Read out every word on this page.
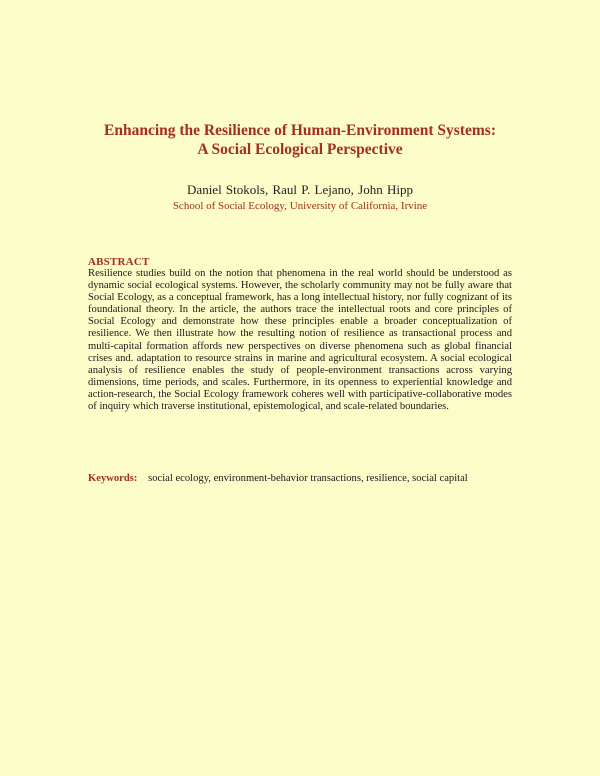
Enhancing the Resilience of Human-Environment Systems:
A Social Ecological Perspective
Daniel Stokols, Raul P. Lejano, John Hipp
School of Social Ecology, University of California, Irvine
ABSTRACT
Resilience studies build on the notion that phenomena in the real world should be understood as dynamic social ecological systems. However, the scholarly community may not be fully aware that Social Ecology, as a conceptual framework, has a long intellectual history, nor fully cognizant of its foundational theory. In the article, the authors trace the intellectual roots and core principles of Social Ecology and demonstrate how these principles enable a broader conceptualization of resilience. We then illustrate how the resulting notion of resilience as transactional process and multi-capital formation affords new perspectives on diverse phenomena such as global financial crises and. adaptation to resource strains in marine and agricultural ecosystem. A social ecological analysis of resilience enables the study of people-environment transactions across varying dimensions, time periods, and scales. Furthermore, in its openness to experiential knowledge and action-research, the Social Ecology framework coheres well with participative-collaborative modes of inquiry which traverse institutional, epistemological, and scale-related boundaries.
Keywords: social ecology, environment-behavior transactions, resilience, social capital
